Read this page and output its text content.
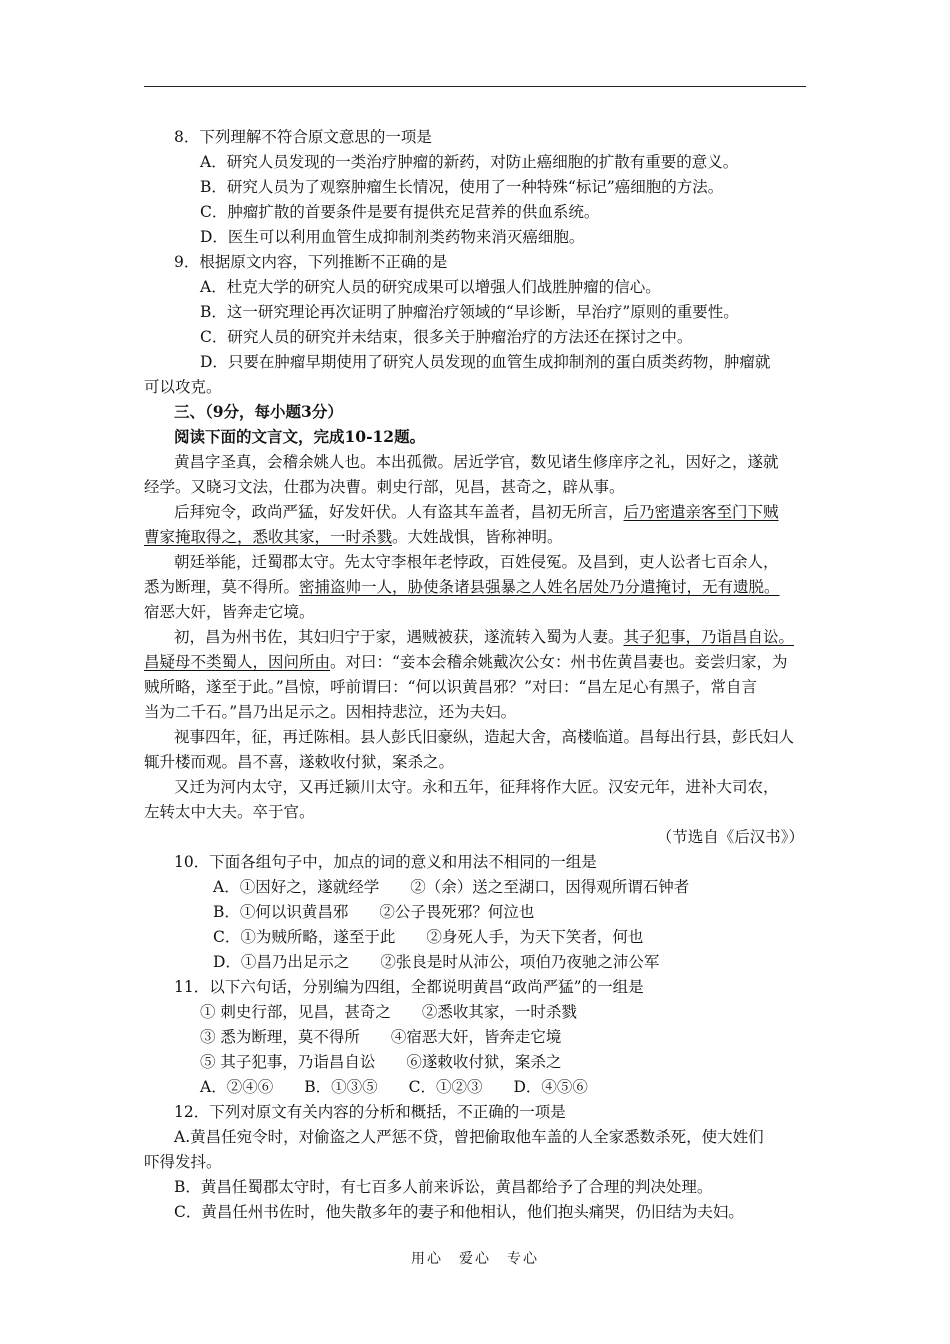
8．下列理解不符合原文意思的一项是
A．研究人员发现的一类治疗肿瘤的新药，对防止癌细胞的扩散有重要的意义。
B．研究人员为了观察肿瘤生长情况，使用了一种特殊“标记”癌细胞的方法。
C．肿瘤扩散的首要条件是要有提供充足营养的供血系统。
D．医生可以利用血管生成抑制剂类药物来消灭癌细胞。
9．根据原文内容，下列推断不正确的是
A．杜克大学的研究人员的研究成果可以增强人们战胜肿瘤的信心。
B．这一研究理论再次证明了肿瘤治疗领域的“早诊断，早治疗”原则的重要性。
C．研究人员的研究并未结束，很多关于肿瘤治疗的方法还在探讨之中。
D．只要在肿瘤早期使用了研究人员发现的血管生成抑制剂的蛋白质类药物，肿瘤就
可以攻克。
三、（9分，每小题3分）
阅读下面的文言文，完成10-12题。
黄昌字圣真，会稽余姚人也。本出孤微。居近学官，数见诸生修庠序之礼，因好之，遂就
经学。又晓习文法，仕郡为决曹。刺史行部，见昌，甚奇之，辟从事。
后拜宛令，政尚严猛，好发奸伏。人有盗其车盖者，昌初无所言，后乃密遣亲客至门下贼
曹家掩取得之，悉收其家，一时杀戮。大姓战惧，皆称神明。
朝廷举能，迁蜀郡太守。先太守李根年老悖政，百姓侵冤。及昌到，吏人讼者七百余人，
悉为断理，莫不得所。密捕盗帅一人，胁使条诸县强暴之人姓名居处乃分遣掩讨，无有遗脱。
宿恶大奸，皆奔走它境。
初，昌为州书佐，其妇归宁于家，遇贼被获，遂流转入蜀为人妻。其子犯事，乃诣昌自讼。
昌疑母不类蜀人，因问所由。对曰：“妾本会稽余姚戴次公女：州书佐黄昌妻也。妾尝归家，为
贼所略，遂至于此。”昌惊，呼前谓曰：“何以识黄昌邪？”对曰：“昌左足心有黑子，常自言
当为二千石。”昌乃出足示之。因相持悲泣，还为夫妇。
视事四年，征，再迁陈相。县人彭氏旧豪纵，造起大舍，高楼临道。昌每出行县，彭氏妇人
辄升楼而观。昌不喜，遂敕收付狱，案杀之。
又迁为河内太守，又再迁颍川太守。永和五年，征拜将作大匠。汉安元年，进补大司农，
左转太中大夫。卒于官。
（节选自《后汉书》）
10．下面各组句子中，加点的词的意义和用法不相同的一组是
A．①因好之，遂就经学　　②（余）送之至湖口，因得观所谓石钟者
B．①何以识黄昌邪　　②公子畏死邪？何泣也
C．①为贼所略，遂至于此　　②身死人手，为天下笑者，何也
D．①昌乃出足示之　　②张良是时从沛公，项伯乃夜驰之沛公军
11．以下六句话，分别编为四组，全都说明黄昌“政尚严猛”的一组是
① 刺史行部，见昌，甚奇之　　②悉收其家，一时杀戮
③ 悉为断理，莫不得所　　④宿恶大奸，皆奔走它境
⑤ 其子犯事，乃诣昌自讼　　⑥遂敕收付狱，案杀之
A．②④⑥　　B．①③⑤　　C．①②③　　D．④⑤⑥
12．下列对原文有关内容的分析和概括，不正确的一项是
A.黄昌任宛令时，对偷盗之人严惩不贷，曾把偷取他车盖的人全家悉数杀死，使大姓们
吓得发抖。
B．黄昌任蜀郡太守时，有七百多人前来诉讼，黄昌都给予了合理的判决处理。
C．黄昌任州书佐时，他失散多年的妻子和他相认，他们抱头痛哭，仍旧结为夫妇。
用心　爱心　专心
